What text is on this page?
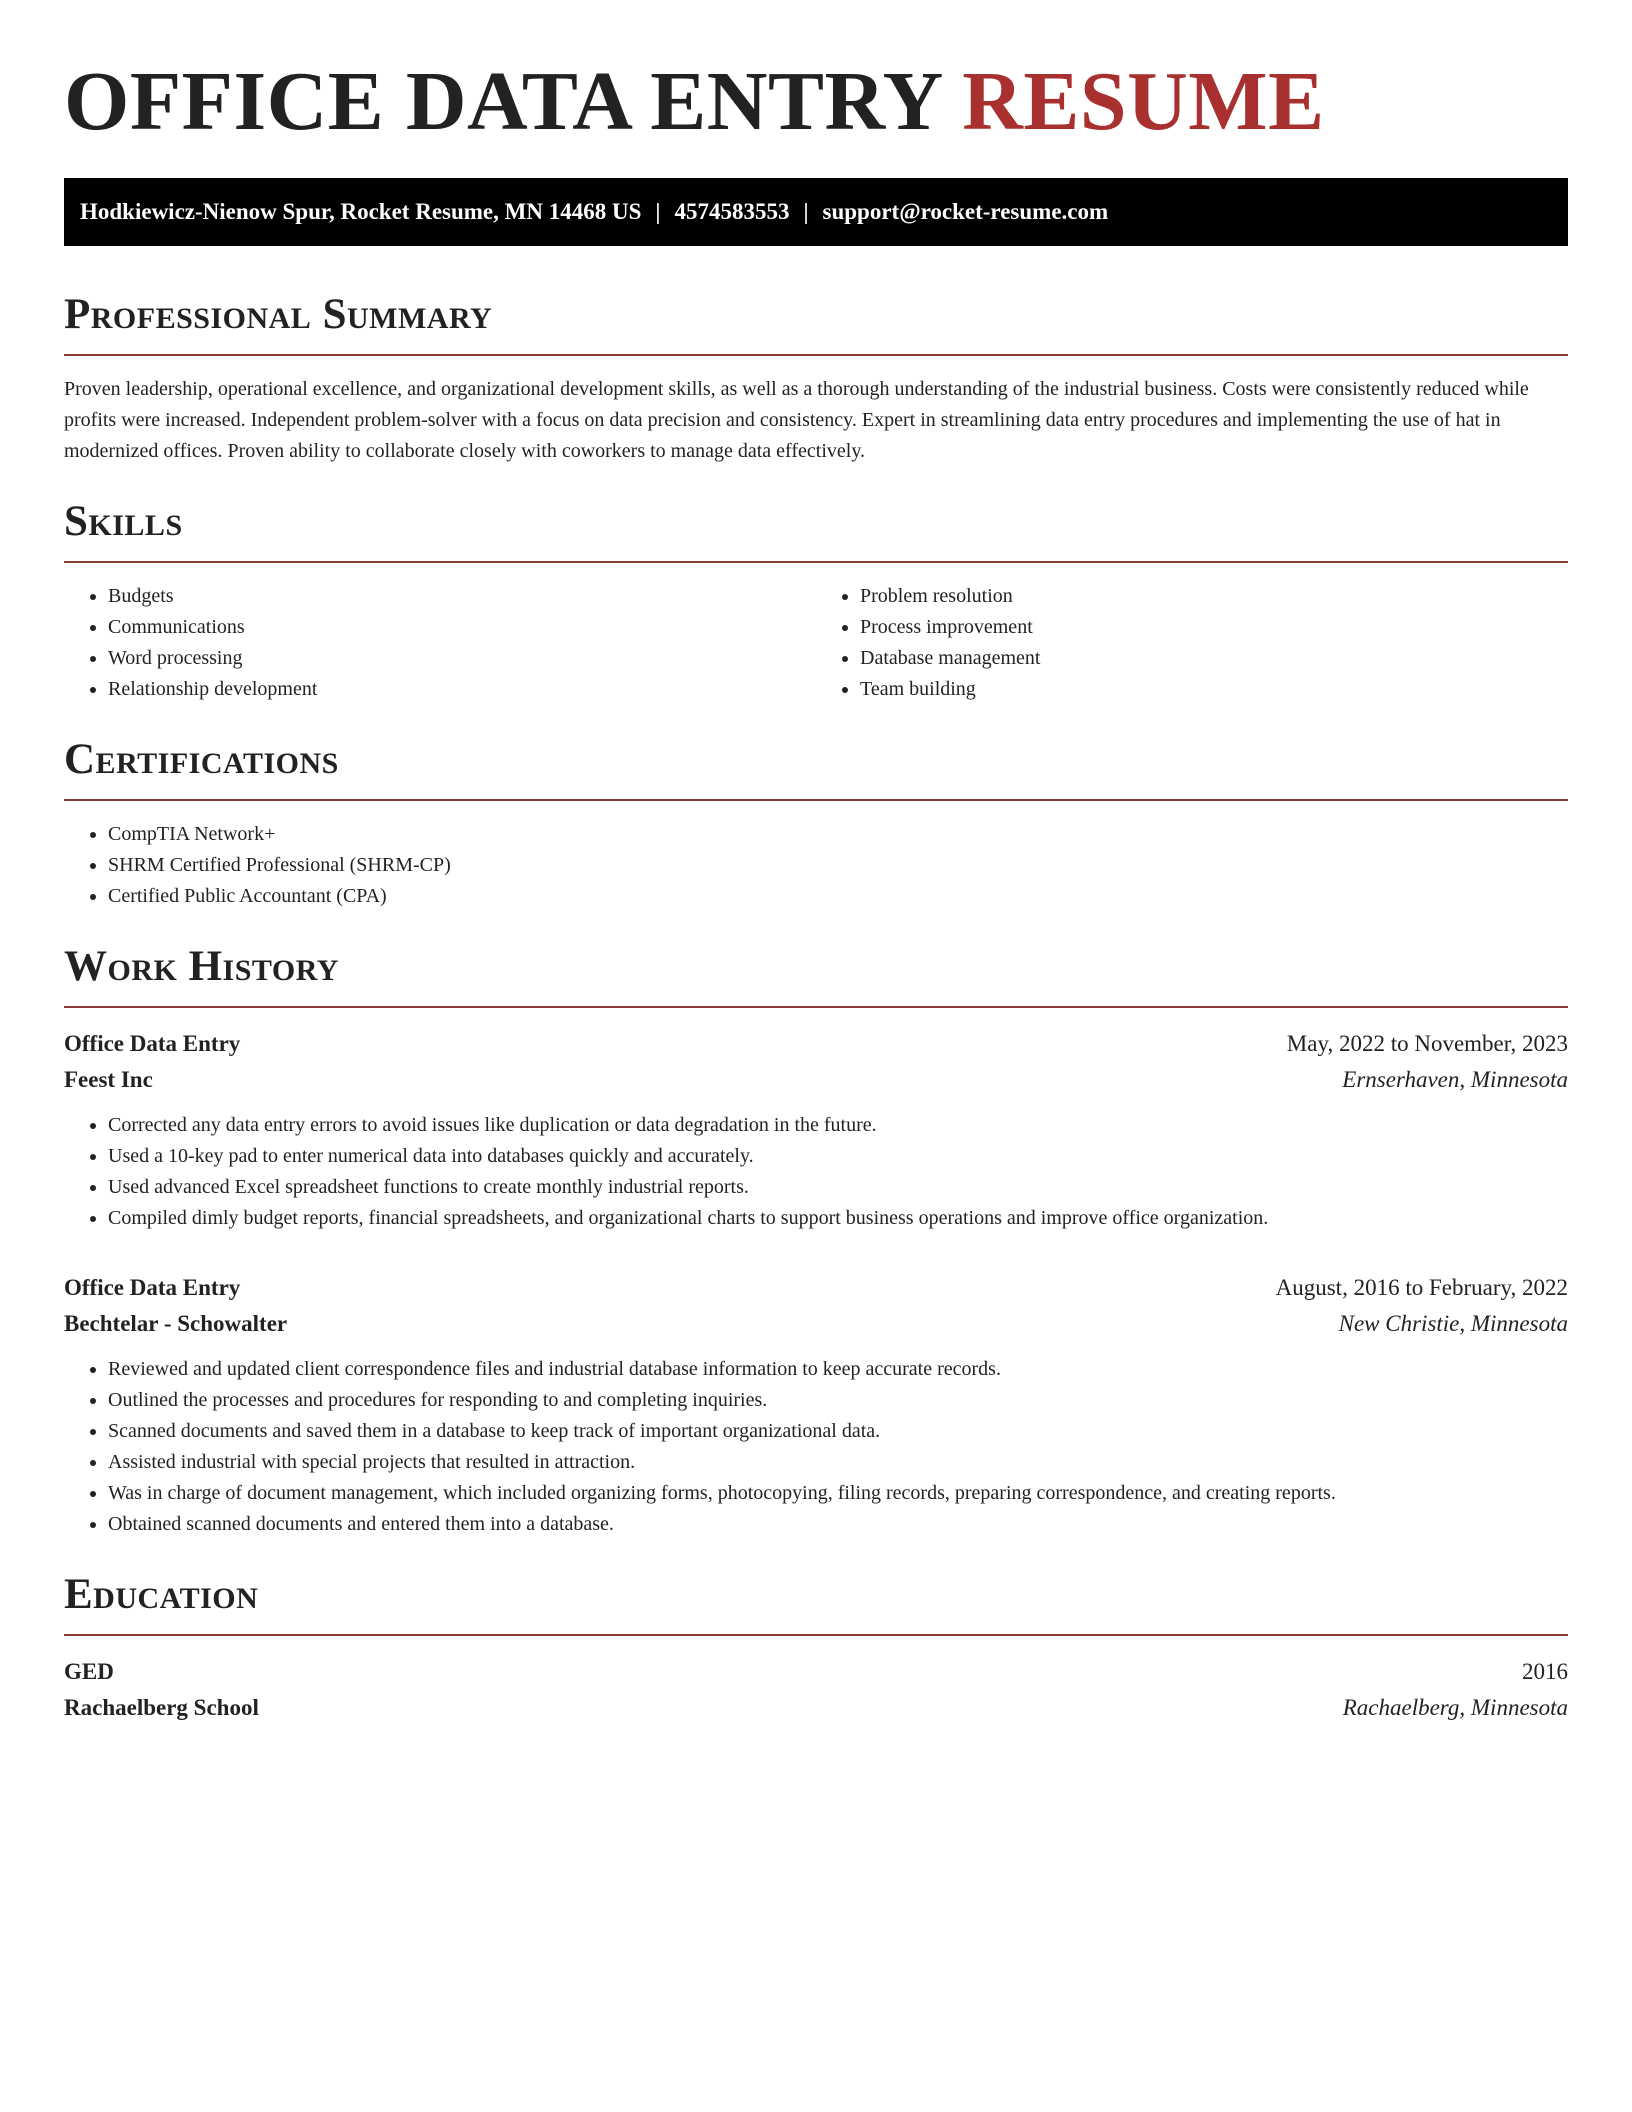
OFFICE DATA ENTRY RESUME
Hodkiewicz-Nienow Spur, Rocket Resume, MN 14468 US | 4574583553 | support@rocket-resume.com
Professional Summary

Proven leadership, operational excellence, and organizational development skills, as well as a thorough understanding of the industrial business. Costs were consistently reduced while profits were increased. Independent problem-solver with a focus on data precision and consistency. Expert in streamlining data entry procedures and implementing the use of hat in modernized offices. Proven ability to collaborate closely with coworkers to manage data effectively.

Skills
• Budgets
• Communications
• Word processing
• Relationship development
• Problem resolution
• Process improvement
• Database management
• Team building
Certifications
• CompTIA Network+
• SHRM Certified Professional (SHRM-CP)
• Certified Public Accountant (CPA)
Work History
Office Data Entry	May, 2022 to November, 2023
Feest Inc	Ernserhaven, Minnesota
• Corrected any data entry errors to avoid issues like duplication or data degradation in the future.
• Used a 10-key pad to enter numerical data into databases quickly and accurately.
• Used advanced Excel spreadsheet functions to create monthly industrial reports.
• Compiled dimly budget reports, financial spreadsheets, and organizational charts to support business operations and improve office organization.
Office Data Entry	August, 2016 to February, 2022
Bechtelar - Schowalter	New Christie, Minnesota
• Reviewed and updated client correspondence files and industrial database information to keep accurate records.
• Outlined the processes and procedures for responding to and completing inquiries.
• Scanned documents and saved them in a database to keep track of important organizational data.
• Assisted industrial with special projects that resulted in attraction.
• Was in charge of document management, which included organizing forms, photocopying, filing records, preparing correspondence, and creating reports.
• Obtained scanned documents and entered them into a database.
Education
GED	2016
Rachaelberg School	Rachaelberg, Minnesota
